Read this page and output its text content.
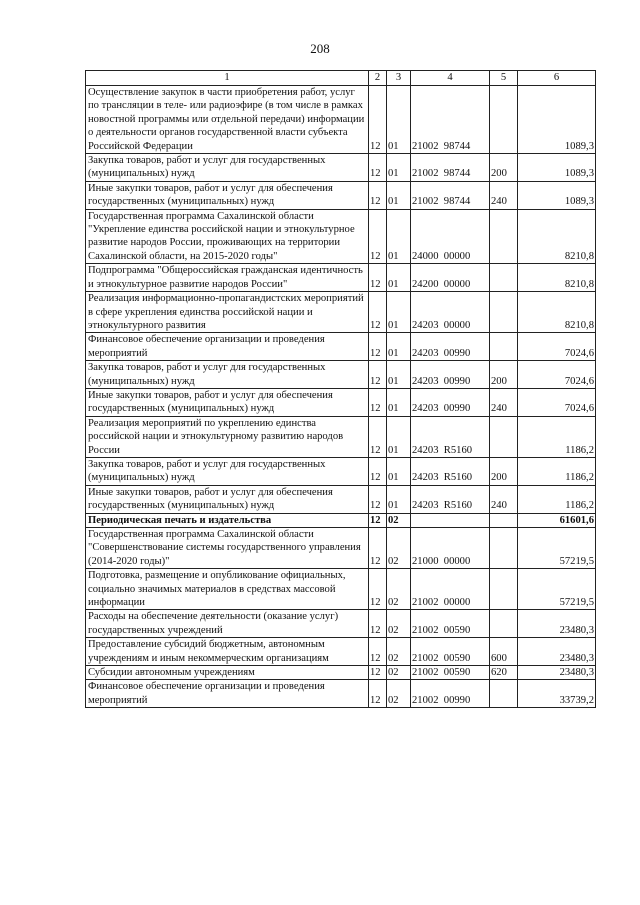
208
1	2	3	4	5	6
Осуществление закупок в части приобретения работ, услуг по трансляции в теле- или радиоэфире (в том числе в рамках новостной программы или отдельной передачи) информации о деятельности органов государственной власти субъекта Российской Федерации	12	01	21002  98744		1089,3
Закупка товаров, работ и услуг для государственных (муниципальных) нужд	12	01	21002  98744	200	1089,3
Иные закупки товаров, работ и услуг для обеспечения государственных (муниципальных) нужд	12	01	21002  98744	240	1089,3
Государственная программа Сахалинской области "Укрепление единства российской нации и этнокультурное развитие народов России, проживающих на территории Сахалинской области, на 2015-2020 годы"	12	01	24000  00000		8210,8
Подпрограмма "Общероссийская гражданская идентичность и этнокультурное развитие народов России"	12	01	24200  00000		8210,8
Реализация информационно-пропагандистских мероприятий в сфере укрепления единства российской нации и этнокультурного развития	12	01	24203  00000		8210,8
Финансовое обеспечение организации и проведения мероприятий	12	01	24203  00990		7024,6
Закупка товаров, работ и услуг для государственных (муниципальных) нужд	12	01	24203  00990	200	7024,6
Иные закупки товаров, работ и услуг для обеспечения государственных (муниципальных) нужд	12	01	24203  00990	240	7024,6
Реализация мероприятий по укреплению единства российской нации и этнокультурному развитию народов России	12	01	24203  R5160		1186,2
Закупка товаров, работ и услуг для государственных (муниципальных) нужд	12	01	24203  R5160	200	1186,2
Иные закупки товаров, работ и услуг для обеспечения государственных (муниципальных) нужд	12	01	24203  R5160	240	1186,2
Периодическая печать и издательства	12	02			61601,6
Государственная программа Сахалинской области "Совершенствование системы государственного управления (2014-2020 годы)"	12	02	21000  00000		57219,5
Подготовка, размещение и опубликование официальных, социально значимых материалов в средствах массовой информации	12	02	21002  00000		57219,5
Расходы на обеспечение деятельности (оказание услуг) государственных учреждений	12	02	21002  00590		23480,3
Предоставление субсидий бюджетным, автономным учреждениям и иным некоммерческим организациям	12	02	21002  00590	600	23480,3
Субсидии автономным учреждениям	12	02	21002  00590	620	23480,3
Финансовое обеспечение организации и проведения мероприятий	12	02	21002  00990		33739,2
